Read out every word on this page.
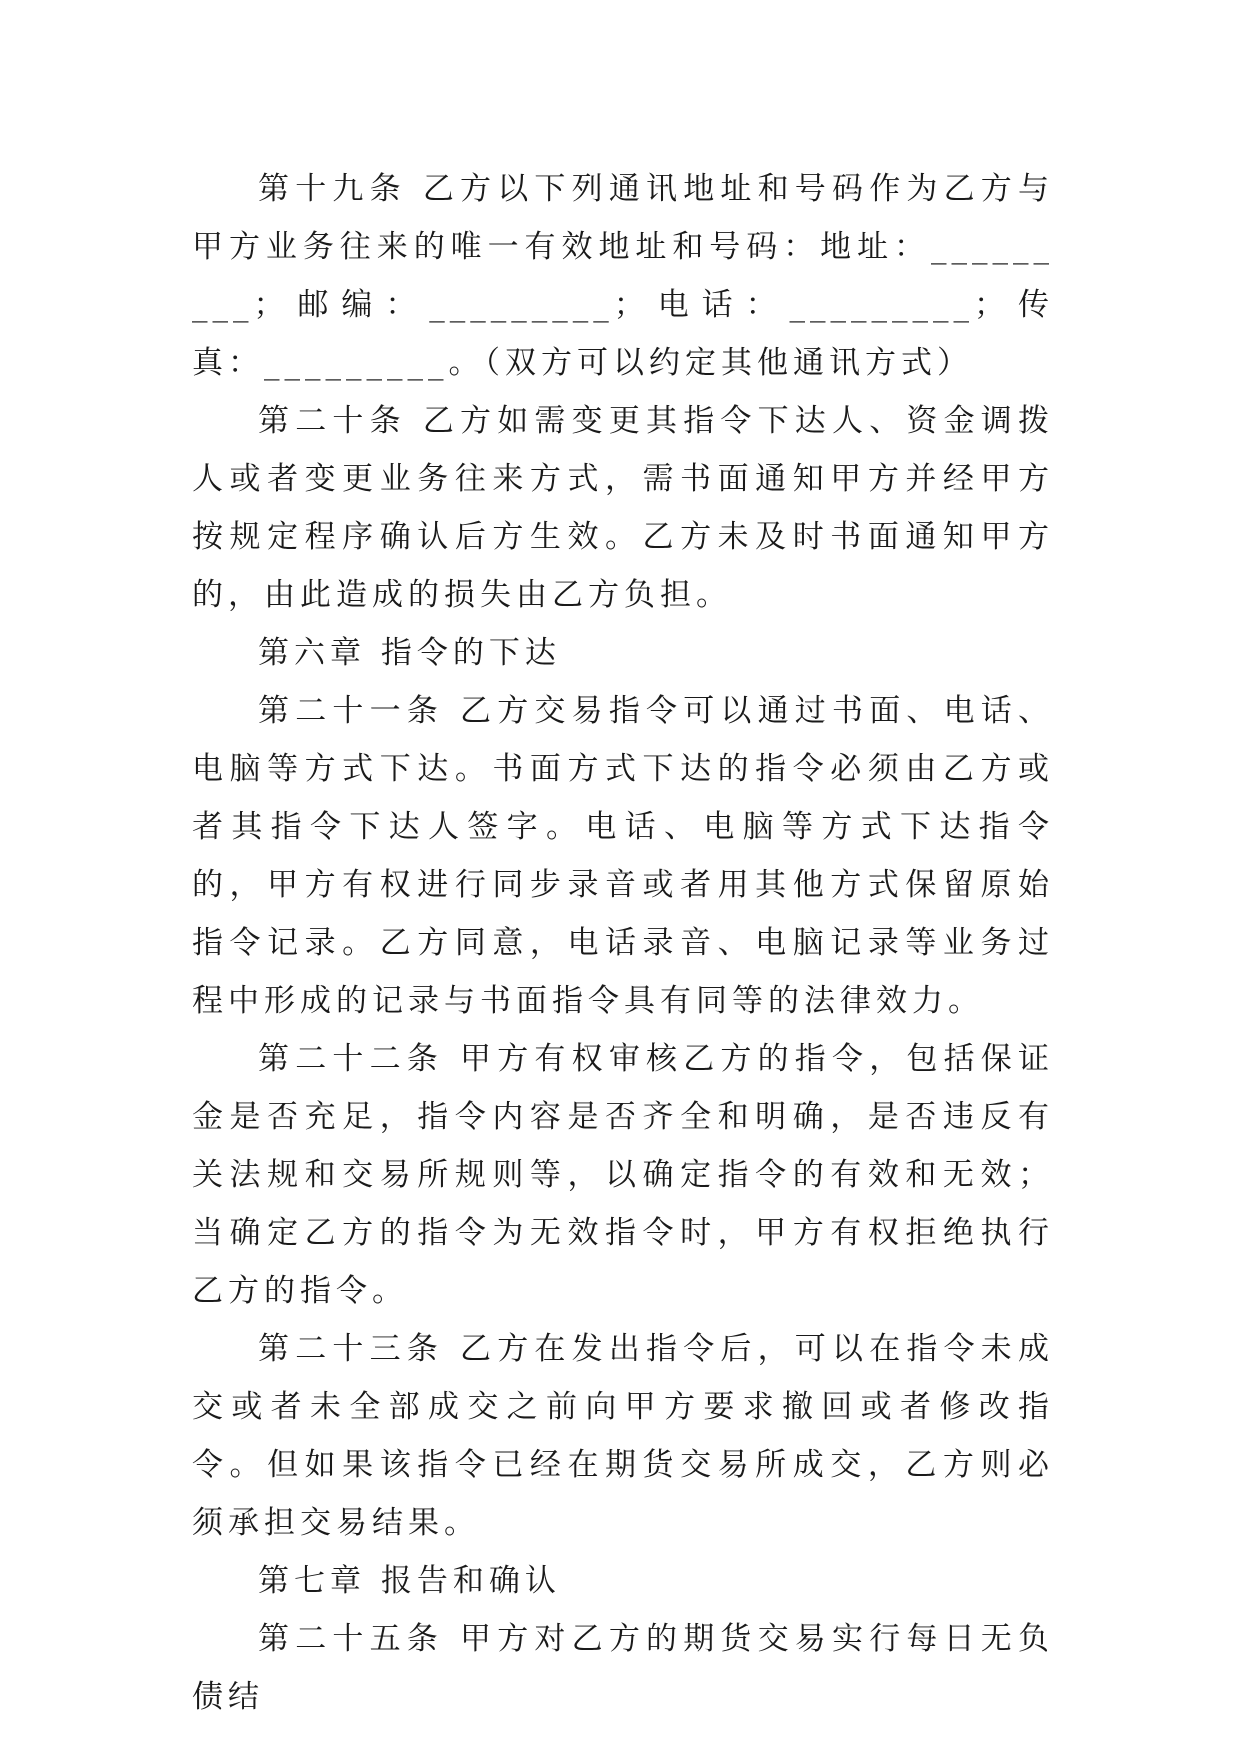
第十九条 乙方以下列通讯地址和号码作为乙方与甲方业务往来的唯一有效地址和号码：地址：_________；邮编：_________；电话：_________；传真：_________。（双方可以约定其他通讯方式）

第二十条 乙方如需变更其指令下达人、资金调拨人或者变更业务往来方式，需书面通知甲方并经甲方按规定程序确认后方生效。乙方未及时书面通知甲方的，由此造成的损失由乙方负担。

第六章 指令的下达

第二十一条 乙方交易指令可以通过书面、电话、电脑等方式下达。书面方式下达的指令必须由乙方或者其指令下达人签字。电话、电脑等方式下达指令的，甲方有权进行同步录音或者用其他方式保留原始指令记录。乙方同意，电话录音、电脑记录等业务过程中形成的记录与书面指令具有同等的法律效力。

第二十二条 甲方有权审核乙方的指令，包括保证金是否充足，指令内容是否齐全和明确，是否违反有关法规和交易所规则等，以确定指令的有效和无效；当确定乙方的指令为无效指令时，甲方有权拒绝执行乙方的指令。

第二十三条 乙方在发出指令后，可以在指令未成交或者未全部成交之前向甲方要求撤回或者修改指令。但如果该指令已经在期货交易所成交，乙方则必须承担交易结果。

第七章 报告和确认

第二十五条 甲方对乙方的期货交易实行每日无负债结
